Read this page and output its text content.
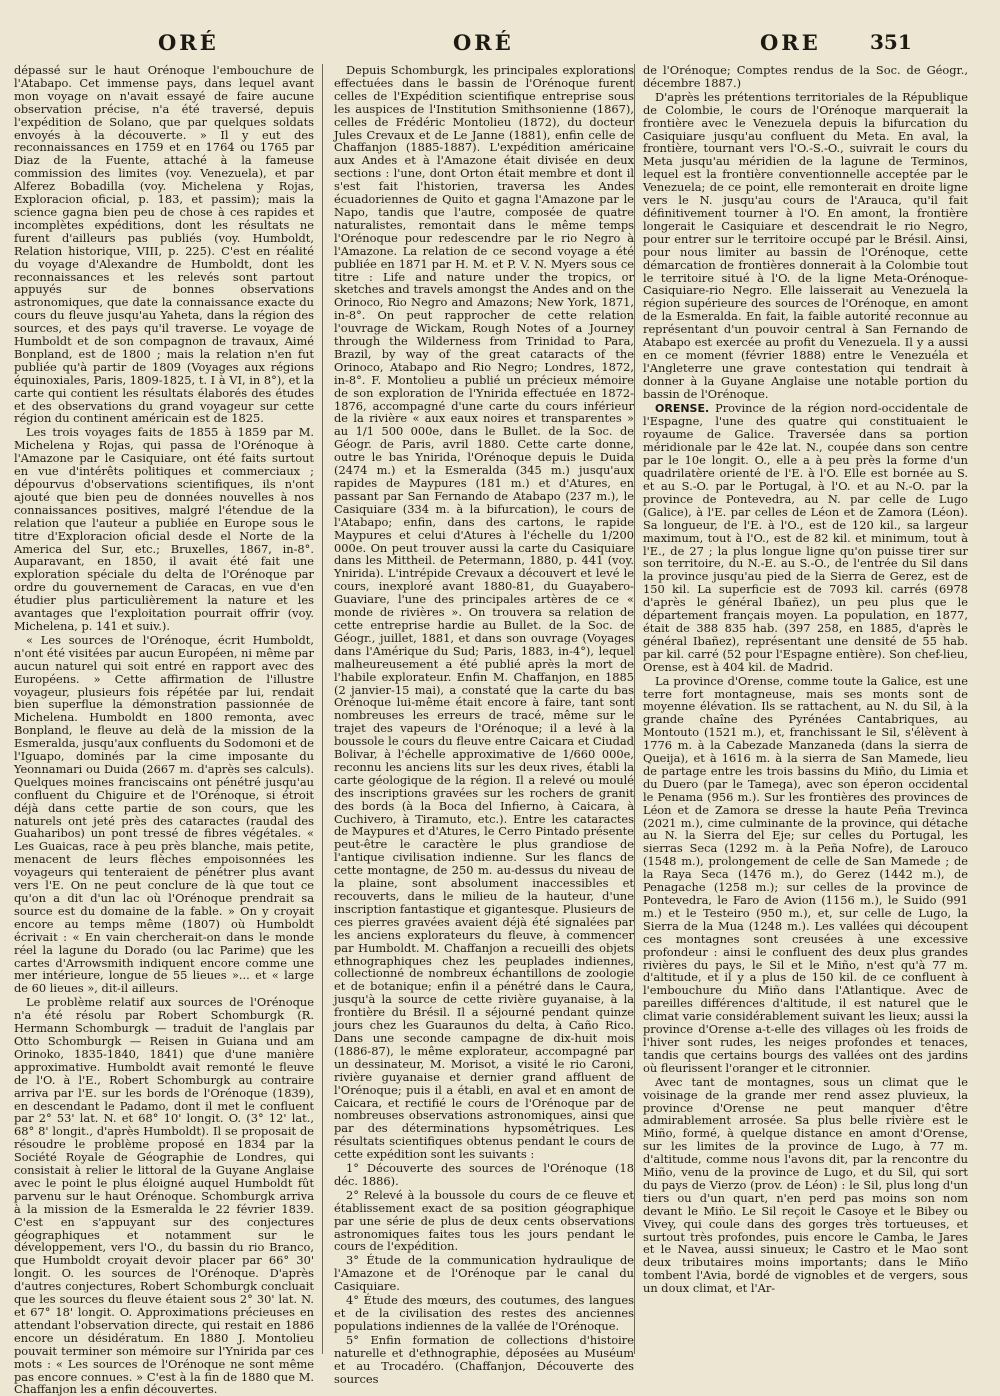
ORÉ	ORÉ	ORE 351

dépassé sur le haut Orénoque l'embouchure de l'Atabapo. Cet immense pays, dans lequel avant mon voyage on n'avait essayé de faire aucune observation précise, n'a été traversé, depuis l'expédition de Solano, que par quelques soldats envoyés à la découverte. » Il y eut des reconnaissances en 1759 et en 1764 ou 1765 par Diaz de la Fuente, attaché à la fameuse commission des limites (voy. Venezuela), et par Alferez Bobadilla (voy. Michelena y Rojas, Exploracion oficial, p. 183, et passim); mais la science gagna bien peu de chose à ces rapides et incomplètes expéditions, dont les résultats ne furent d'ailleurs pas publiés (voy. Humboldt, Relation historique, VIII, p. 225). C'est en réalité du voyage d'Alexandre de Humboldt, dont les reconnaissances et les relevés sont partout appuyés sur de bonnes observations astronomiques, que date la connaissance exacte du cours du fleuve jusqu'au Yaheta, dans la région des sources, et des pays qu'il traverse. Le voyage de Humboldt et de son compagnon de travaux, Aimé Bonpland, est de 1800 ; mais la relation n'en fut publiée qu'à partir de 1809 (Voyages aux régions équinoxiales, Paris, 1809-1825, t. I à VI, in 8°), et la carte qui contient les résultats élaborés des études et des observations du grand voyageur sur cette région du continent américain est de 1825.

Les trois voyages faits de 1855 à 1859 par M. Michelena y Rojas, qui passa de l'Orénoque à l'Amazone par le Casiquiare, ont été faits surtout en vue d'intérêts politiques et commerciaux ; dépourvus d'observations scientifiques, ils n'ont ajouté que bien peu de données nouvelles à nos connaissances positives, malgré l'étendue de la relation que l'auteur a publiée en Europe sous le titre d'Exploracion oficial desde el Norte de la America del Sur, etc.; Bruxelles, 1867, in-8°. Auparavant, en 1850, il avait été fait une exploration spéciale du delta de l'Orénoque par ordre du gouvernement de Caracas, en vue d'en étudier plus particulièrement la nature et les avantages que l'exploitation pourrait offrir (voy. Michelena, p. 141 et suiv.).

« Les sources de l'Orénoque, écrit Humboldt, n'ont été visitées par aucun Européen, ni même par aucun naturel qui soit entré en rapport avec des Européens. » Cette affirmation de l'illustre voyageur, plusieurs fois répétée par lui, rendait bien superflue la démonstration passionnée de Michelena. Humboldt en 1800 remonta, avec Bonpland, le fleuve au delà de la mission de la Esmeralda, jusqu'aux confluents du Sodomoni et de l'Iguapo, dominés par la cime imposante du Yeonnamari ou Duida (2667 m. d'après ses calculs). Quelques moines franciscains ont pénétré jusqu'au confluent du Chiguire et de l'Orénoque, si étroit déjà dans cette partie de son cours, que les naturels ont jeté près des cataractes (raudal des Guaharibos) un pont tressé de fibres végétales. « Les Guaicas, race à peu près blanche, mais petite, menacent de leurs flèches empoisonnées les voyageurs qui tenteraient de pénétrer plus avant vers l'E. On ne peut conclure de là que tout ce qu'on a dit d'un lac où l'Orénoque prendrait sa source est du domaine de la fable. » On y croyait encore au temps même (1807) où Humboldt écrivait : « En vain chercherait-on dans le monde réel la lagune du Dorado (ou lac Parime) que les cartes d'Arrowsmith indiquent encore comme une mer intérieure, longue de 55 lieues »... et « large de 60 lieues », dit-il ailleurs.

Le problème relatif aux sources de l'Orénoque n'a été résolu par Robert Schomburgk (R. Hermann Schomburgk — traduit de l'anglais par Otto Schomburgk — Reisen in Guiana und am Orinoko, 1835-1840, 1841) que d'une manière approximative. Humboldt avait remonté le fleuve de l'O. à l'E., Robert Schomburgk au contraire arriva par l'E. sur les bords de l'Orénoque (1839), en descendant le Padamo, dont il met le confluent par 2° 53' lat. N. et 68° 10' longit. O. (3° 12' lat., 68° 8' longit., d'après Humboldt). Il se proposait de résoudre le problème proposé en 1834 par la Société Royale de Géographie de Londres, qui consistait à relier le littoral de la Guyane Anglaise avec le point le plus éloigné auquel Humboldt fût parvenu sur le haut Orénoque. Schomburgk arriva à la mission de la Esmeralda le 22 février 1839. C'est en s'appuyant sur des conjectures géographiques et notamment sur le développement, vers l'O., du bassin du rio Branco, que Humboldt croyait devoir placer par 66° 30' longit. O. les sources de l'Orénoque. D'après d'autres conjectures, Robert Schomburgk concluait que les sources du fleuve étaient sous 2° 30' lat. N. et 67° 18' longit. O. Approximations précieuses en attendant l'observation directe, qui restait en 1886 encore un désidératum. En 1880 J. Montolieu pouvait terminer son mémoire sur l'Ynirida par ces mots : « Les sources de l'Orénoque ne sont même pas encore connues. » C'est à la fin de 1880 que M. Chaffanjon les a enfin découvertes.

Depuis Schomburgk, les principales explorations effectuées dans le bassin de l'Orénoque furent celles de l'Expédition scientifique entreprise sous les auspices de l'Institution Smithsonienne (1867), celles de Frédéric Montolieu (1872), du docteur Jules Crevaux et de Le Janne (1881), enfin celle de Chaffanjon (1885-1887). L'expédition américaine aux Andes et à l'Amazone était divisée en deux sections : l'une, dont Orton était membre et dont il s'est fait l'historien, traversa les Andes écuadoriennes de Quito et gagna l'Amazone par le Napo, tandis que l'autre, composée de quatre naturalistes, remontait dans le même temps l'Orénoque pour redescendre par le rio Negro à l'Amazone. La relation de ce second voyage a été publiée en 1871 par H. M. et P. V. N. Myers sous ce titre : Life and nature under the tropics, or sketches and travels amongst the Andes and on the Orinoco, Rio Negro and Amazons; New York, 1871, in-8°. On peut rapprocher de cette relation l'ouvrage de Wickam, Rough Notes of a Journey through the Wilderness from Trinidad to Para, Brazil, by way of the great cataracts of the Orinoco, Atabapo and Rio Negro; Londres, 1872, in-8°. F. Montolieu a publié un précieux mémoire de son exploration de l'Ynirida effectuée en 1872-1876, accompagné d'une carte du cours inférieur de la rivière « aux eaux noires et transparentes » au 1/1 500 000e, dans le Bullet. de la Soc. de Géogr. de Paris, avril 1880. Cette carte donne, outre le bas Ynirida, l'Orénoque depuis le Duida (2474 m.) et la Esmeralda (345 m.) jusqu'aux rapides de Maypures (181 m.) et d'Atures, en passant par San Fernando de Atabapo (237 m.), le Casiquiare (334 m. à la bifurcation), le cours de l'Atabapo; enfin, dans des cartons, le rapide Maypures et celui d'Atures à l'échelle du 1/200 000e. On peut trouver aussi la carte du Casiquiare dans les Mittheil. de Petermann, 1880, p. 441 (voy. Ynirida). L'intrépide Crevaux a découvert et levé le cours, inexploré avant 1880-81, du Guayabero-Guaviare, l'une des principales artères de ce « monde de rivières ». On trouvera sa relation de cette entreprise hardie au Bullet. de la Soc. de Géogr., juillet, 1881, et dans son ouvrage (Voyages dans l'Amérique du Sud; Paris, 1883, in-4°), lequel malheureusement a été publié après la mort de l'habile explorateur. Enfin M. Chaffanjon, en 1885 (2 janvier-15 mai), a constaté que la carte du bas Orénoque lui-même était encore à faire, tant sont nombreuses les erreurs de tracé, même sur le trajet des vapeurs de l'Orénoque; il a levé à la boussole le cours du fleuve entre Caicara et Ciudad Bolivar, à l'échelle approximative de 1/660 000e, reconnu les anciens lits sur les deux rives, établi la carte géologique de la région. Il a relevé ou moulé des inscriptions gravées sur les rochers de granit des bords (à la Boca del Infierno, à Caicara, à Cuchivero, à Tiramuto, etc.). Entre les cataractes de Maypures et d'Atures, le Cerro Pintado présente peut-être le caractère le plus grandiose de l'antique civilisation indienne. Sur les flancs de cette montagne, de 250 m. au-dessus du niveau de la plaine, sont absolument inaccessibles et recouverts, dans le milieu de la hauteur, d'une inscription fantastique et gigantesque. Plusieurs de ces pierres gravées avaient déjà été signalées par les anciens explorateurs du fleuve, à commencer par Humboldt. M. Chaffanjon a recueilli des objets ethnographiques chez les peuplades indiennes, collectionné de nombreux échantillons de zoologie et de botanique; enfin il a pénétré dans le Caura, jusqu'à la source de cette rivière guyanaise, à la frontière du Brésil. Il a séjourné pendant quinze jours chez les Guaraunos du delta, à Caño Rico. Dans une seconde campagne de dix-huit mois (1886-87), le même explorateur, accompagné par un dessinateur, M. Morisot, a visité le rio Caroni, rivière guyanaise et dernier grand affluent de l'Orénoque; puis il a établi, en aval et en amont de Caicara, et rectifié le cours de l'Orénoque par de nombreuses observations astronomiques, ainsi que par des déterminations hypsométriques. Les résultats scientifiques obtenus pendant le cours de cette expédition sont les suivants :

1° Découverte des sources de l'Orénoque (18 déc. 1886).

2° Relevé à la boussole du cours de ce fleuve et établissement exact de sa position géographique par une série de plus de deux cents observations astronomiques faites tous les jours pendant le cours de l'expédition.

3° Étude de la communication hydraulique de l'Amazone et de l'Orénoque par le canal du Casiquiare.

4° Étude des mœurs, des coutumes, des langues et de la civilisation des restes des anciennes populations indiennes de la vallée de l'Orénoque.

5° Enfin formation de collections d'histoire naturelle et d'ethnographie, déposées au Muséum et au Trocadéro. (Chaffanjon, Découverte des sources

de l'Orénoque; Comptes rendus de la Soc. de Géogr., décembre 1887.)

D'après les prétentions territoriales de la République de Colombie, le cours de l'Orénoque marquerait la frontière avec le Venezuela depuis la bifurcation du Casiquiare jusqu'au confluent du Meta. En aval, la frontière, tournant vers l'O.-S.-O., suivrait le cours du Meta jusqu'au méridien de la lagune de Terminos, lequel est la frontière conventionnelle acceptée par le Venezuela; de ce point, elle remonterait en droite ligne vers le N. jusqu'au cours de l'Arauca, qu'il fait définitivement tourner à l'O. En amont, la frontière longerait le Casiquiare et descendrait le rio Negro, pour entrer sur le territoire occupé par le Brésil. Ainsi, pour nous limiter au bassin de l'Orénoque, cette démarcation de frontières donnerait à la Colombie tout le territoire situé à l'O. de la ligne Meta-Orénoque-Casiquiare-rio Negro. Elle laisserait au Venezuela la région supérieure des sources de l'Orénoque, en amont de la Esmeralda. En fait, la faible autorité reconnue au représentant d'un pouvoir central à San Fernando de Atabapo est exercée au profit du Venezuela. Il y a aussi en ce moment (février 1888) entre le Venezuéla et l'Angleterre une grave contestation qui tendrait à donner à la Guyane Anglaise une notable portion du bassin de l'Orénoque.

ORENSE. Province de la région nord-occidentale de l'Espagne, l'une des quatre qui constituaient le royaume de Galice. Traversée dans sa portion méridionale par le 42e lat. N., coupée dans son centre par le 10e longit. O., elle a à peu près la forme d'un quadrilatère orienté de l'E. à l'O. Elle est bornée au S. et au S.-O. par le Portugal, à l'O. et au N.-O. par la province de Pontevedra, au N. par celle de Lugo (Galice), à l'E. par celles de Léon et de Zamora (Léon). Sa longueur, de l'E. à l'O., est de 120 kil., sa largeur maximum, tout à l'O., est de 82 kil. et minimum, tout à l'E., de 27 ; la plus longue ligne qu'on puisse tirer sur son territoire, du N.-E. au S.-O., de l'entrée du Sil dans la province jusqu'au pied de la Sierra de Gerez, est de 150 kil. La superficie est de 7093 kil. carrés (6978 d'après le général Ibañez), un peu plus que le département français moyen. La population, en 1877, était de 388 835 hab. (397 258, en 1885, d'après le général Ibañez), représentant une densité de 55 hab. par kil. carré (52 pour l'Espagne entière). Son chef-lieu, Orense, est à 404 kil. de Madrid.

La province d'Orense, comme toute la Galice, est une terre fort montagneuse, mais ses monts sont de moyenne élévation. Ils se rattachent, au N. du Sil, à la grande chaîne des Pyrénées Cantabriques, au Montouto (1521 m.), et, franchissant le Sil, s'élèvent à 1776 m. à la Cabezade Manzaneda (dans la sierra de Queija), et à 1616 m. à la sierra de San Mamede, lieu de partage entre les trois bassins du Miño, du Limia et du Duero (par le Tamega), avec son éperon occidental le Penama (956 m.). Sur les frontières des provinces de Léon et de Zamora se dresse la haute Peña Trevinca (2021 m.), cime culminante de la province, qui détache au N. la Sierra del Eje; sur celles du Portugal, les sierras Seca (1292 m. à la Peña Nofre), de Larouco (1548 m.), prolongement de celle de San Mamede ; de la Raya Seca (1476 m.), do Gerez (1442 m.), de Penagache (1258 m.); sur celles de la province de Pontevedra, le Faro de Avion (1156 m.), le Suido (991 m.) et le Testeiro (950 m.), et, sur celle de Lugo, la Sierra de la Mua (1248 m.). Les vallées qui découpent ces montagnes sont creusées à une excessive profondeur : ainsi le confluent des deux plus grandes rivières du pays, le Sil et le Miño, n'est qu'à 77 m. d'altitude, et il y a plus de 150 kil. de ce confluent à l'embouchure du Miño dans l'Atlantique. Avec de pareilles différences d'altitude, il est naturel que le climat varie considérablement suivant les lieux; aussi la province d'Orense a-t-elle des villages où les froids de l'hiver sont rudes, les neiges profondes et tenaces, tandis que certains bourgs des vallées ont des jardins où fleurissent l'oranger et le citronnier.

Avec tant de montagnes, sous un climat que le voisinage de la grande mer rend assez pluvieux, la province d'Orense ne peut manquer d'être admirablement arrosée. Sa plus belle rivière est le Miño, formé, à quelque distance en amont d'Orense, sur les limites de la province de Lugo, à 77 m. d'altitude, comme nous l'avons dit, par la rencontre du Miño, venu de la province de Lugo, et du Sil, qui sort du pays de Vierzo (prov. de Léon) : le Sil, plus long d'un tiers ou d'un quart, n'en perd pas moins son nom devant le Miño. Le Sil reçoit le Casoye et le Bibey ou Vivey, qui coule dans des gorges très tortueuses, et surtout très profondes, puis encore le Camba, le Jares et le Navea, aussi sinueux; le Castro et le Mao sont deux tributaires moins importants; dans le Miño tombent l'Avia, bordé de vignobles et de vergers, sous un doux climat, et l'Ar-
